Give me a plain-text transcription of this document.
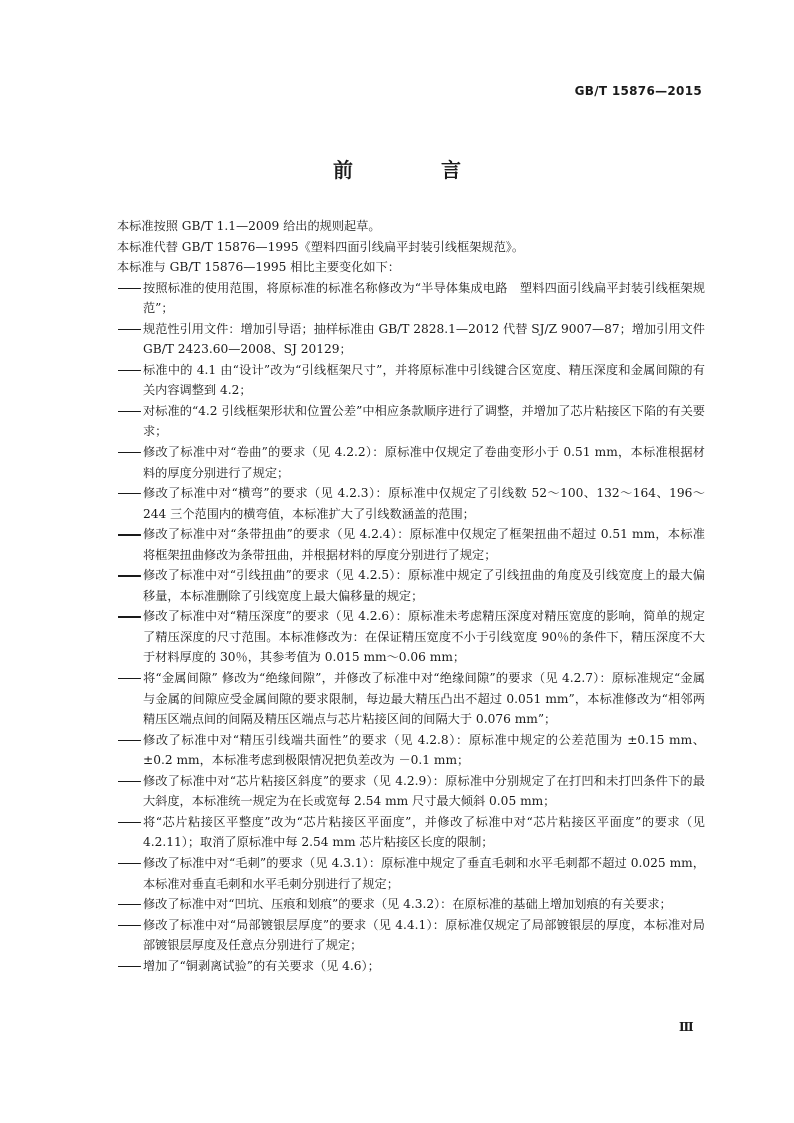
GB/T 15876—2015
前　言

本标准按照 GB/T 1.1—2009 给出的规则起草。

本标准代替 GB/T 15876—1995《塑料四面引线扁平封装引线框架规范》。

本标准与 GB/T 15876—1995 相比主要变化如下：

按照标准的使用范围，将原标准的标准名称修改为“半导体集成电路　塑料四面引线扁平封装引线框架规范”；
规范性引用文件：增加引导语；抽样标准由 GB/T 2828.1—2012 代替 SJ/Z 9007—87；增加引用文件 GB/T 2423.60—2008、SJ 20129；
标准中的 4.1 由“设计”改为“引线框架尺寸”，并将原标准中引线键合区宽度、精压深度和金属间隙的有关内容调整到 4.2；
对标准的“4.2 引线框架形状和位置公差”中相应条款顺序进行了调整，并增加了芯片粘接区下陷的有关要求；
修改了标准中对“卷曲”的要求（见 4.2.2）：原标准中仅规定了卷曲变形小于 0.51 mm，本标准根据材料的厚度分别进行了规定；
修改了标准中对“横弯”的要求（见 4.2.3）：原标准中仅规定了引线数 52～100、132～164、196～244 三个范围内的横弯值，本标准扩大了引线数涵盖的范围；
修改了标准中对“条带扭曲”的要求（见 4.2.4）：原标准中仅规定了框架扭曲不超过 0.51 mm，本标准将框架扭曲修改为条带扭曲，并根据材料的厚度分别进行了规定；
修改了标准中对“引线扭曲”的要求（见 4.2.5）：原标准中规定了引线扭曲的角度及引线宽度上的最大偏移量，本标准删除了引线宽度上最大偏移量的规定；
修改了标准中对“精压深度”的要求（见 4.2.6）：原标准未考虑精压深度对精压宽度的影响，简单的规定了精压深度的尺寸范围。本标准修改为：在保证精压宽度不小于引线宽度 90％的条件下，精压深度不大于材料厚度的 30％，其参考值为 0.015 mm～0.06 mm；
将“金属间隙” 修改为“绝缘间隙”，并修改了标准中对“绝缘间隙”的要求（见 4.2.7）：原标准规定“金属与金属的间隙应受金属间隙的要求限制，每边最大精压凸出不超过 0.051 mm”，本标准修改为“相邻两精压区端点间的间隔及精压区端点与芯片粘接区间的间隔大于 0.076 mm”；
修改了标准中对“精压引线端共面性”的要求（见 4.2.8）：原标准中规定的公差范围为 ±0.15 mm、±0.2 mm，本标准考虑到极限情况把负差改为 －0.1 mm；
修改了标准中对“芯片粘接区斜度”的要求（见 4.2.9）：原标准中分别规定了在打凹和未打凹条件下的最大斜度，本标准统一规定为在长或宽每 2.54 mm 尺寸最大倾斜 0.05 mm；
将“芯片粘接区平整度”改为“芯片粘接区平面度”，并修改了标准中对“芯片粘接区平面度”的要求（见 4.2.11）；取消了原标准中每 2.54 mm 芯片粘接区长度的限制；
修改了标准中对“毛刺”的要求（见 4.3.1）：原标准中规定了垂直毛刺和水平毛刺都不超过 0.025 mm，本标准对垂直毛刺和水平毛刺分别进行了规定；
修改了标准中对“凹坑、压痕和划痕”的要求（见 4.3.2）：在原标准的基础上增加划痕的有关要求；
修改了标准中对“局部镀银层厚度”的要求（见 4.4.1）：原标准仅规定了局部镀银层的厚度，本标准对局部镀银层厚度及任意点分别进行了规定；
增加了“铜剥离试验”的有关要求（见 4.6）；
Ⅲ
